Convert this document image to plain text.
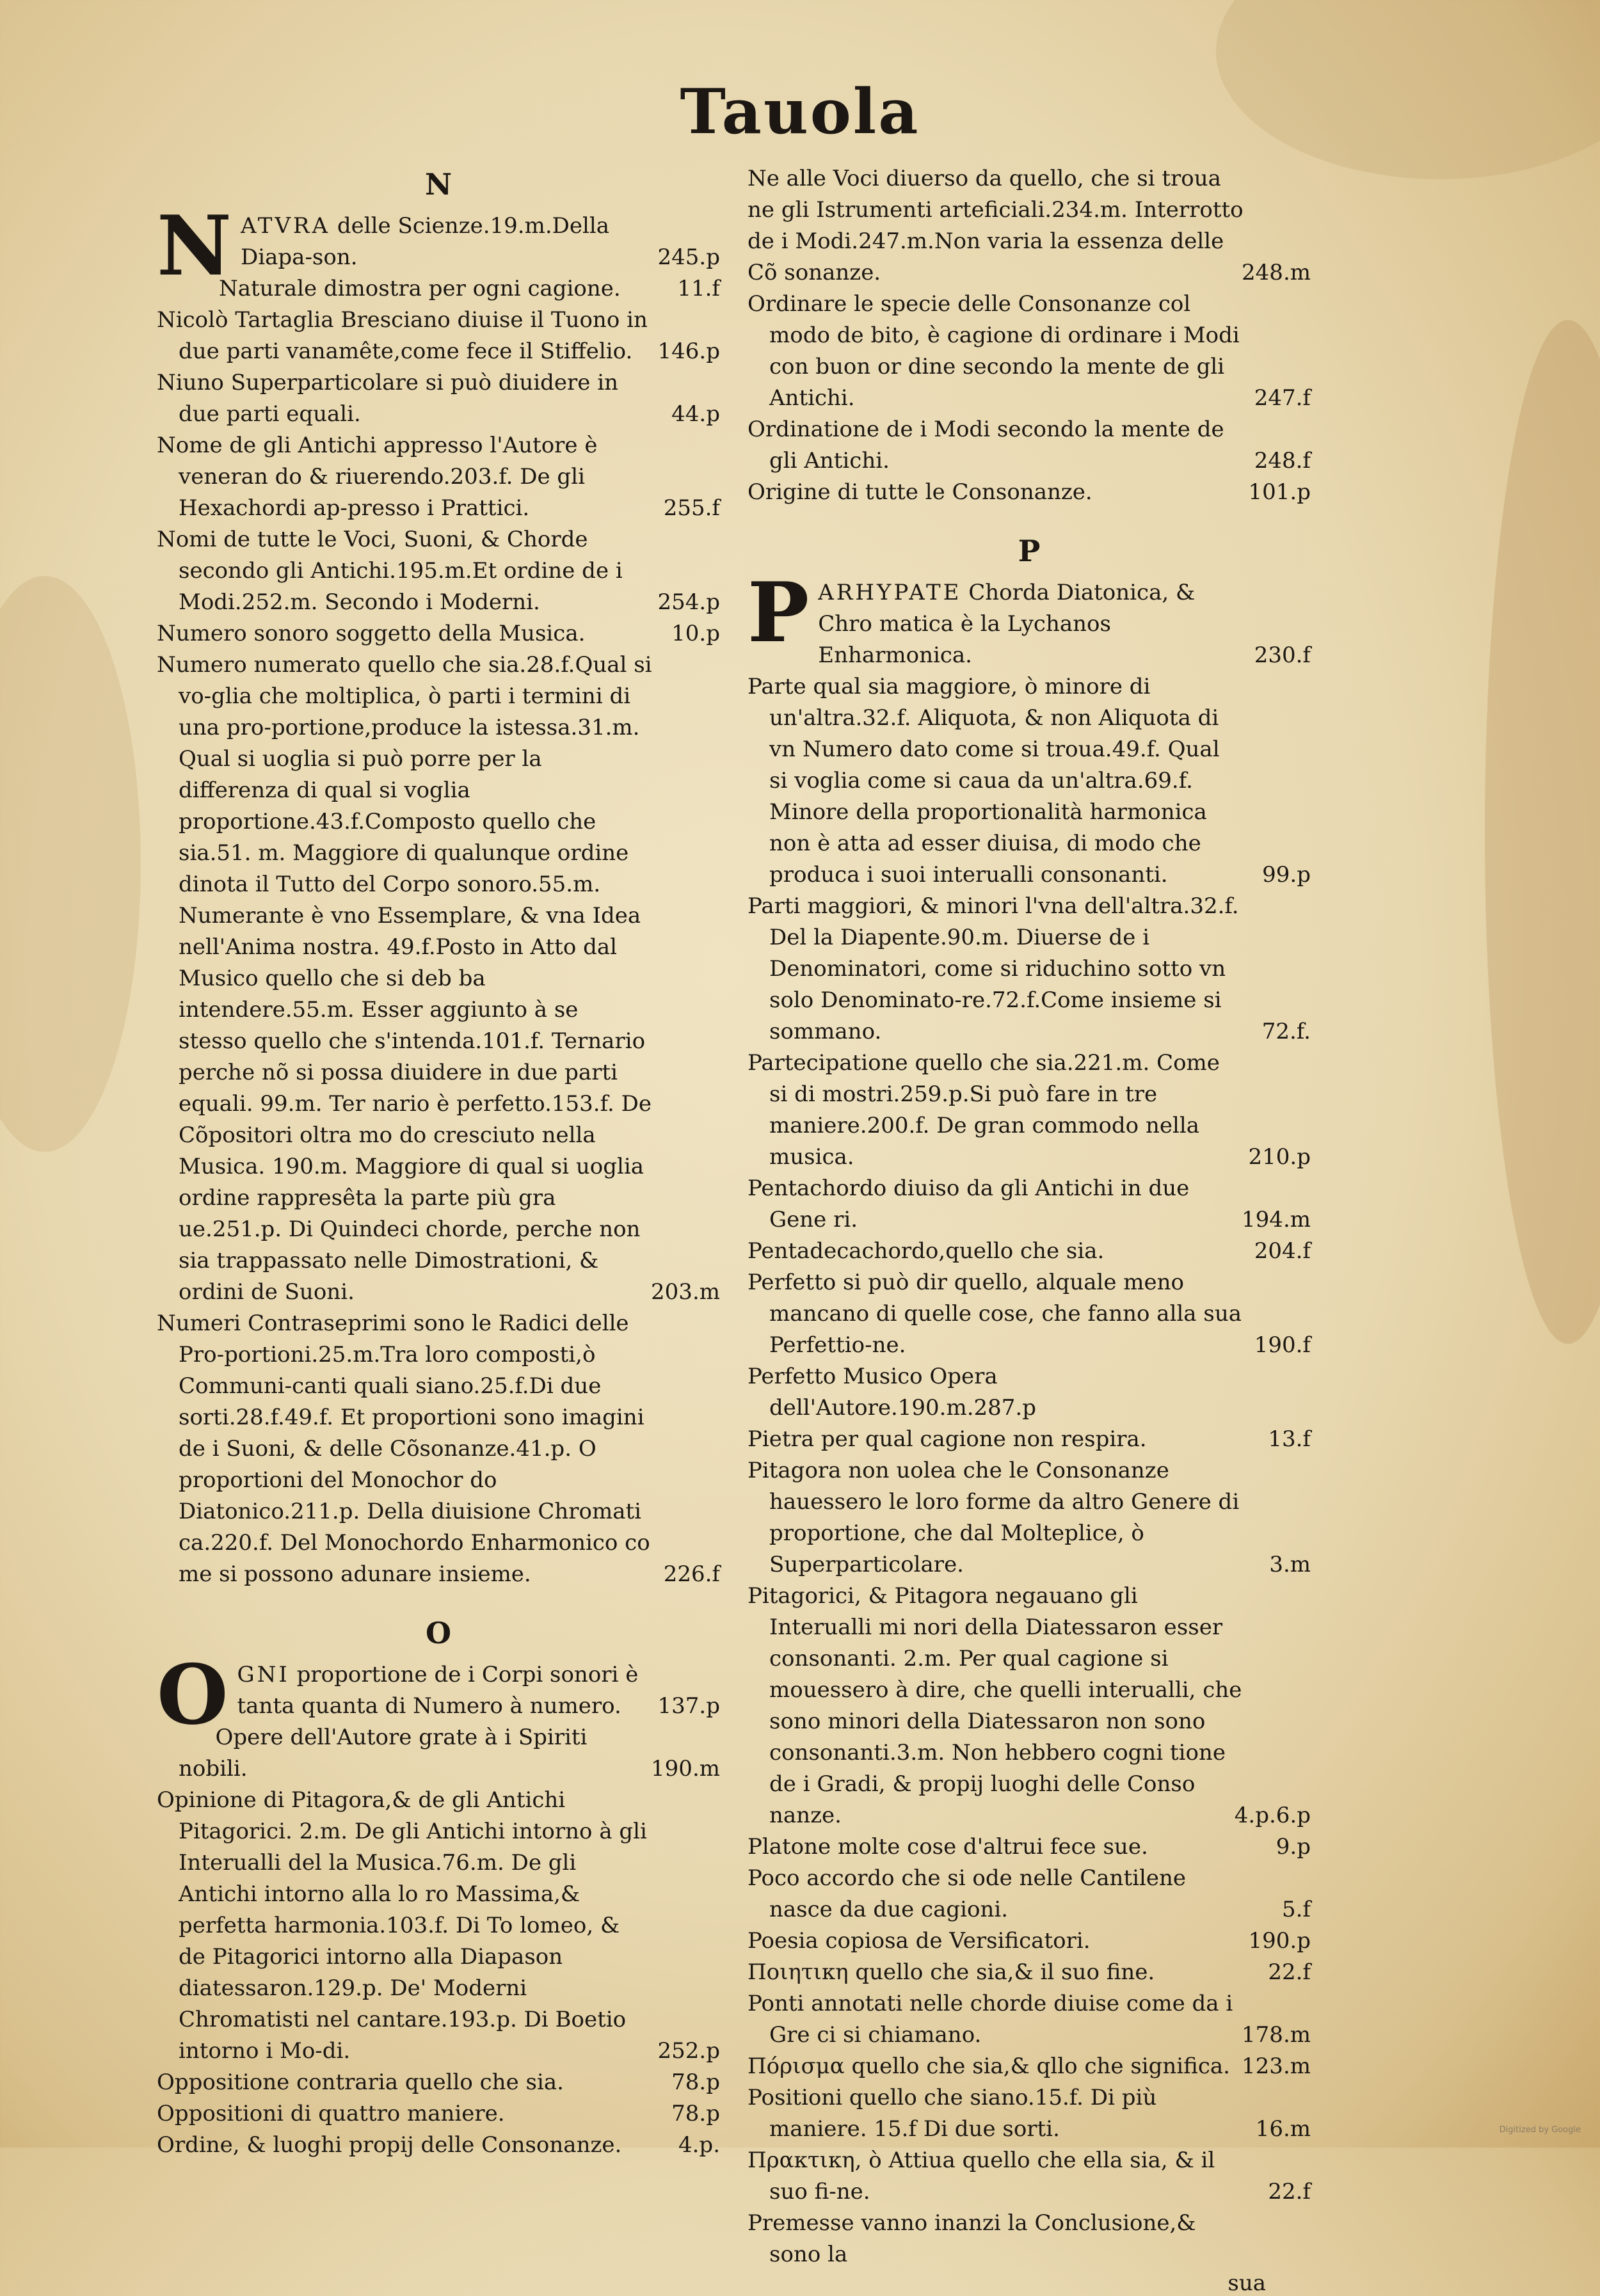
Tauola
N
NATVRA delle Scienze.19.m.Della Diapa-son.	245.p
Naturale dimostra per ogni cagione.	11.f
Nicolò Tartaglia Bresciano diuise il Tuono in due parti vanamête,come fece il Stiffelio. 146.p
Niuno Superparticolare si può diuidere in due parti equali.	44.p
Nome de gli Antichi appresso l'Autore è veneran do & riuerendo.203.f. De gli Hexachordi ap-presso i Prattici.	255.f
Nomi de tutte le Voci, Suoni, & Chorde secondo gli Antichi.195.m.Et ordine de i Modi.252.m. Secondo i Moderni.	254.p
Numero sonoro soggetto della Musica.	10.p
Numero numerato quello che sia.28.f.Qual si vo-glia che moltiplica, ò parti i termini di una pro-portione,produce la istessa.31.m. Qual si uoglia si può porre per la differenza di qual si voglia proportione.43.f.Composto quello che sia.51. m. Maggiore di qualunque ordine dinota il Tutto del Corpo sonoro.55.m. Numerante è vno Essemplare, & vna Idea nell'Anima nostra. 49.f.Posto in Atto dal Musico quello che si deb ba intendere.55.m. Esser aggiunto à se stesso quello che s'intenda.101.f. Ternario perche nõ si possa diuidere in due parti equali. 99.m. Ter nario è perfetto.153.f. De Cõpositori oltra mo do cresciuto nella Musica. 190.m. Maggiore di qual si uoglia ordine rappresêta la parte più gra ue.251.p. Di Quindeci chorde, perche non sia trappassato nelle Dimostrationi, & ordini de Suoni.	203.m
Numeri Contraseprimi sono le Radici delle Pro-portioni.25.m.Tra loro composti,ò Communi-canti quali siano.25.f.Di due sorti.28.f.49.f. Et proportioni sono imagini de i Suoni, & delle Cõsonanze.41.p. O proportioni del Monochor do Diatonico.211.p. Della diuisione Chromati ca.220.f. Del Monochordo Enharmonico co me si possono adunare insieme.	226.f
O
OGNI proportione de i Corpi sonori è tanta quanta di Numero à numero. 137.p
Opere dell'Autore grate à i Spiriti nobili.	190.m
Opinione di Pitagora,& de gli Antichi Pitagorici. 2.m. De gli Antichi intorno à gli Interualli del la Musica.76.m. De gli Antichi intorno alla lo ro Massima,& perfetta harmonia.103.f. Di To lomeo, & de Pitagorici intorno alla Diapason diatessaron.129.p. De' Moderni Chromatisti nel cantare.193.p. Di Boetio intorno i Mo-di.	252.p
Oppositione contraria quello che sia.	78.p
Oppositioni di quattro maniere.	78.p
Ordine, & luoghi propij delle Consonanze.	4.p.
Ne alle Voci diuerso da quello, che si troua ne gli Istrumenti arteficiali.234.m. Interrotto de i Modi.247.m.Non varia la essenza delle Cõ sonanze.	248.m
Ordinare le specie delle Consonanze col modo de bito, è cagione di ordinare i Modi con buon or dine secondo la mente de gli Antichi.	247.f
Ordinatione de i Modi secondo la mente de gli Antichi.	248.f
Origine di tutte le Consonanze.	101.p
P
PARHYPATE Chorda Diatonica, & Chro matica è la Lychanos Enharmonica.	230.f
Parte qual sia maggiore, ò minore di un'altra.32.f. Aliquota, & non Aliquota di vn Numero dato come si troua.49.f. Qual si voglia come si caua da un'altra.69.f. Minore della proportionalità harmonica non è atta ad esser diuisa, di modo che produca i suoi interualli consonanti.	99.p
Parti maggiori, & minori l'vna dell'altra.32.f. Del la Diapente.90.m. Diuerse de i Denominatori, come si riduchino sotto vn solo Denominato-re.72.f.Come insieme si sommano.	72.f.
Partecipatione quello che sia.221.m. Come si di mostri.259.p.Si può fare in tre maniere.200.f. De gran commodo nella musica.	210.p
Pentachordo diuiso da gli Antichi in due Gene ri.	194.m
Pentadecachordo,quello che sia.	204.f
Perfetto si può dir quello, alquale meno mancano di quelle cose, che fanno alla sua Perfettio-ne.	190.f
Perfetto Musico Opera dell'Autore.190.m.287.p
Pietra per qual cagione non respira.	13.f
Pitagora non uolea che le Consonanze hauessero le loro forme da altro Genere di proportione, che dal Molteplice, ò Superparticolare.	3.m
Pitagorici, & Pitagora negauano gli Interualli mi nori della Diatessaron esser consonanti. 2.m. Per qual cagione si mouessero à dire, che quelli interualli, che sono minori della Diatessaron non sono consonanti.3.m. Non hebbero cogni tione de i Gradi, & propij luoghi delle Conso nanze.	4.p.6.p
Platone molte cose d'altrui fece sue.	9.p
Poco accordo che si ode nelle Cantilene nasce da due cagioni.	5.f
Poesia copiosa de Versificatori.	190.p
Ποιητικη quello che sia,& il suo fine.	22.f
Ponti annotati nelle chorde diuise come da i Gre ci si chiamano.	178.m
Πόρισμα quello che sia,& qllo che significa. 123.m
Positioni quello che siano.15.f. Di più maniere. 15.f Di due sorti.	16.m
Πρακτικη, ò Attiua quello che ella sia, & il suo fi-ne.	22.f
Premesse vanno inanzi la Conclusione,& sono la
sua
Digitized by Google
